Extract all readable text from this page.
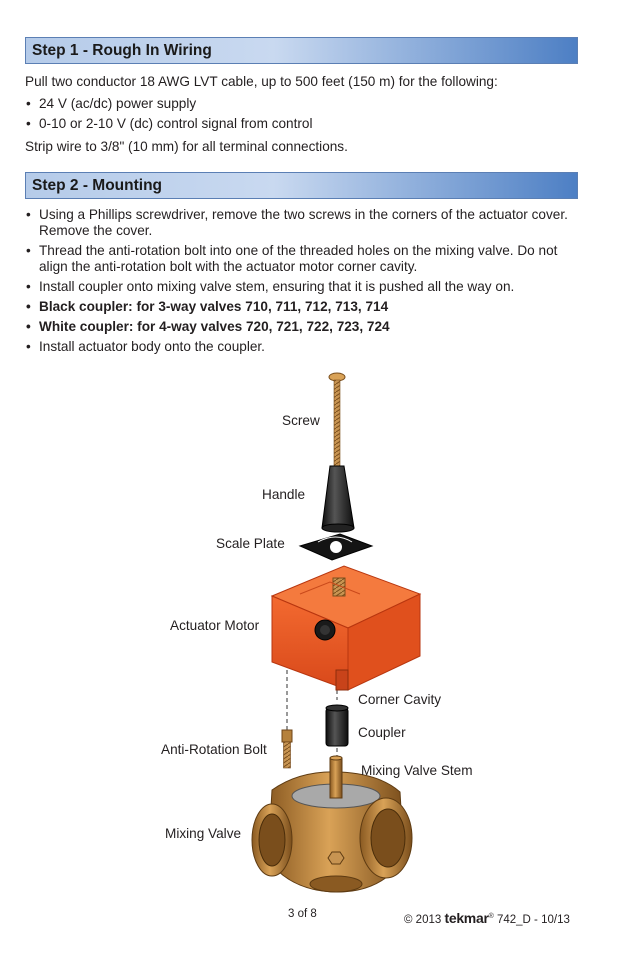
Step 1 - Rough In Wiring

Pull two conductor 18 AWG LVT cable, up to 500 feet (150 m) for the following:

• 24 V (ac/dc) power supply
• 0-10 or 2-10 V (dc) control signal from control

Strip wire to 3/8" (10 mm) for all terminal connections.

Step 2 - Mounting
• Using a Phillips screwdriver, remove the two screws in the corners of the actuator cover. Remove the cover.
• Thread the anti-rotation bolt into one of the threaded holes on the mixing valve. Do not align the anti-rotation bolt with the actuator motor corner cavity.
• Install coupler onto mixing valve stem, ensuring that it is pushed all the way on.
• Black coupler: for 3-way valves 710, 711, 712, 713, 714
• White coupler: for 4-way valves 720, 721, 722, 723, 724
• Install actuator body onto the coupler.
Screw
Handle
Scale Plate
Actuator Motor
Corner Cavity
Coupler
Anti-Rotation Bolt
Mixing Valve Stem
Mixing Valve
3 of 8	© 2013 tekmar® 742_D - 10/13
